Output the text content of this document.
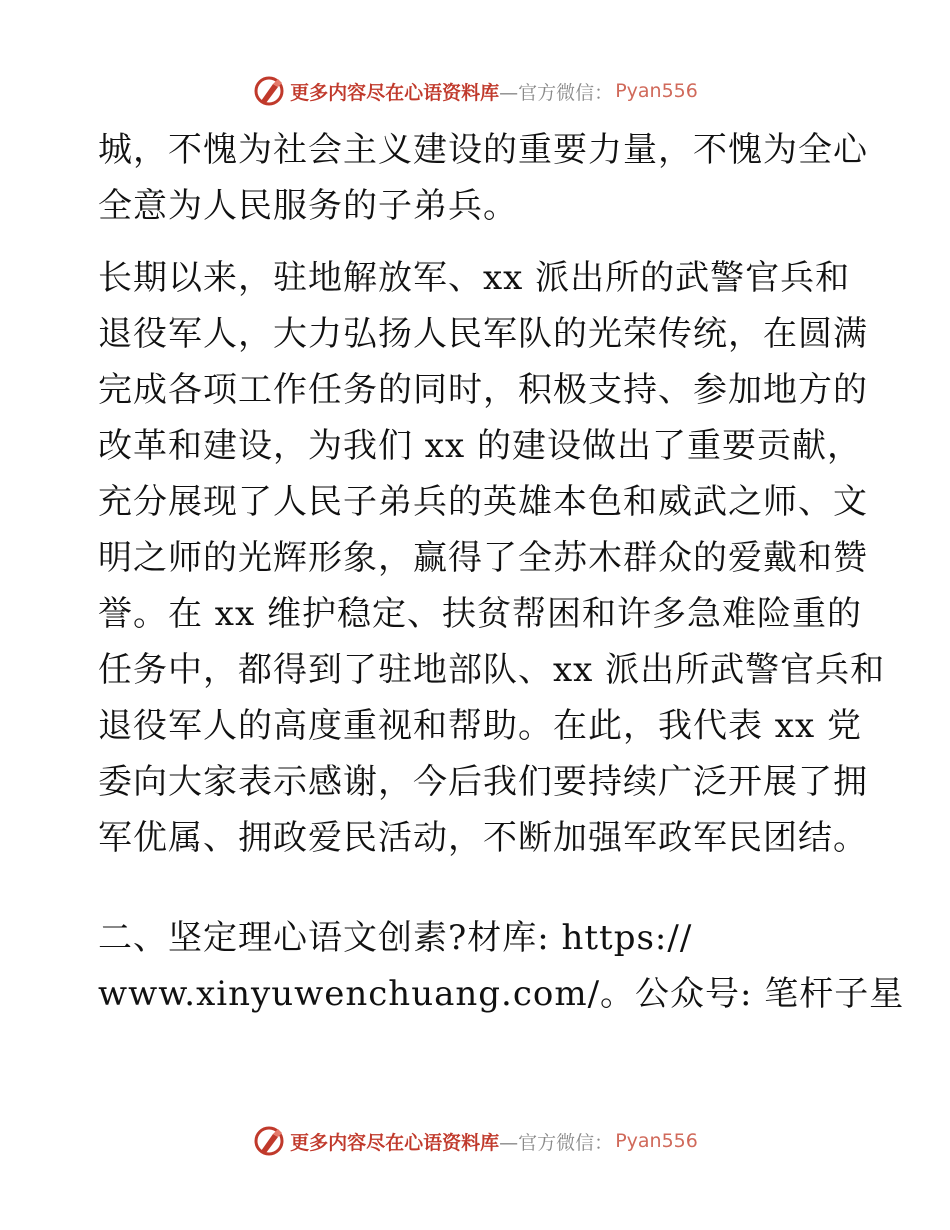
更多内容尽在心语资料库 —官方微信： Pyan556
城，不愧为社会主义建设的重要力量，不愧为全心
全意为人民服务的子弟兵。
长期以来，驻地解放军、xx 派出所的武警官兵和
退役军人，大力弘扬人民军队的光荣传统，在圆满
完成各项工作任务的同时，积极支持、参加地方的
改革和建设，为我们 xx 的建设做出了重要贡献，
充分展现了人民子弟兵的英雄本色和威武之师、文
明之师的光辉形象，赢得了全苏木群众的爱戴和赞
誉。在 xx 维护稳定、扶贫帮困和许多急难险重的
任务中，都得到了驻地部队、xx 派出所武警官兵和
退役军人的高度重视和帮助。在此，我代表 xx 党
委向大家表示感谢，今后我们要持续广泛开展了拥
军优属、拥政爱民活动，不断加强军政军民团结。
二、坚定理心语文创素?材库: https://
www.xinyuwenchuang.com/。公众号: 笔杆子星
更多内容尽在心语资料库 —官方微信： Pyan556
